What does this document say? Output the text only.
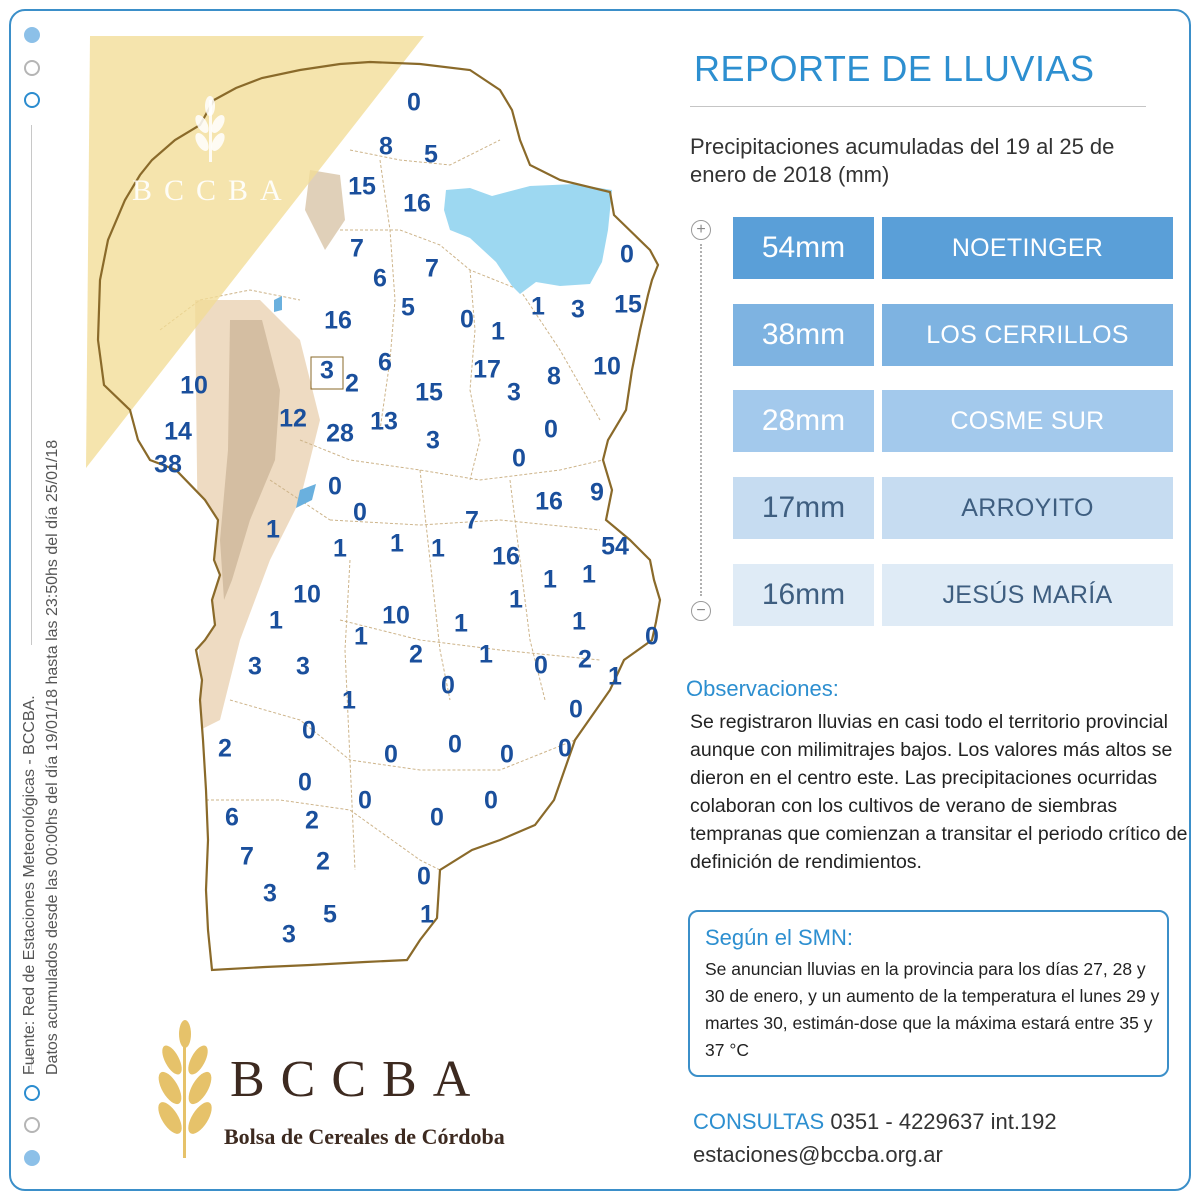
Fuente: Red de Estaciones Meteorológicas - BCCBA. Datos acumulados desde las 00:00hs del día 19/01/18 hasta las 23:50hs del día 25/01/18
BCCBA
0
8 5
15
16
0
7
6 7
5
16	0 1
1 3 15
3 2
6	17
3
8 10
10	15
12	13
14	28	3	0
38	0
0
16 9
0	7
1
1 1 1 16	54
1 1
10	1
1	10 1	1
1	0
2 1
3 3	0 2
1
0
1	0
0
2	0 0 0 0
0
0	0
6	2	0
7 2
0
3
5	1
3
REPORTE DE LLUVIAS
Precipitaciones acumuladas del 19 al 25 de enero de 2018 (mm)
+
−
54mm	NOETINGER
38mm	LOS CERRILLOS
28mm	COSME SUR
17mm	ARROYITO
16mm	JESÚS MARÍA
Observaciones:
Se registraron lluvias en casi todo el territorio provincial aunque con milimitrajes bajos. Los valores más altos se dieron en el centro este. Las precipitaciones ocurridas colaboran con los cultivos de verano de siembras tempranas que comienzan a transitar el periodo crítico de definición de rendimientos.
Según el SMN:
Se anuncian lluvias en la provincia para los días 27, 28 y 30 de enero, y un aumento de la temperatura el lunes 29 y martes 30, estimán-dose que la máxima estará entre 35 y 37 °C
CONSULTAS 0351 - 4229637 int.192
estaciones@bccba.org.ar
BCCBA
Bolsa de Cereales de Córdoba
